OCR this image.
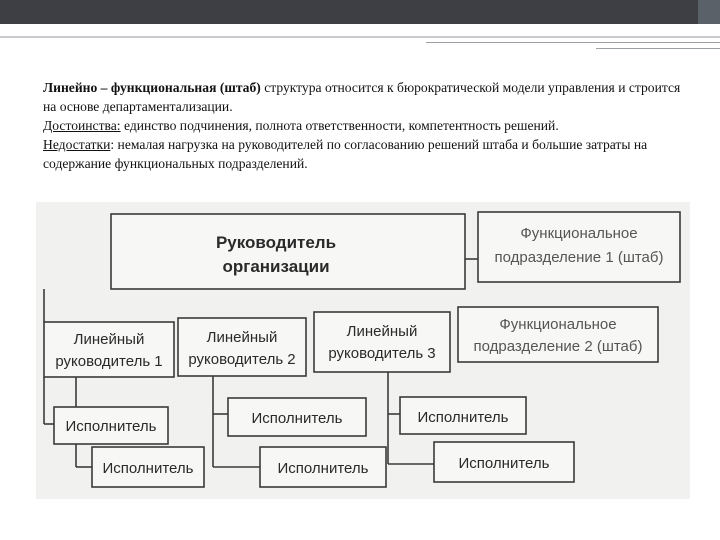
Линейно – функциональная (штаб) структура относится к бюрократической модели управления и строится на основе департаментализации.

Достоинства: единство подчинения, полнота ответственности, компетентность решений.

Недостатки: немалая нагрузка на руководителей по согласованию решений штаба и большие затраты на содержание функциональных подразделений.

Руководитель
организации
Функциональное
подразделение 1 (штаб)
Линейный
руководитель 1
Линейный
руководитель 2
Линейный
руководитель 3
Функциональное
подразделение 2 (штаб)
Исполнитель
Исполнитель
Исполнитель
Исполнитель
Исполнитель
Исполнитель
